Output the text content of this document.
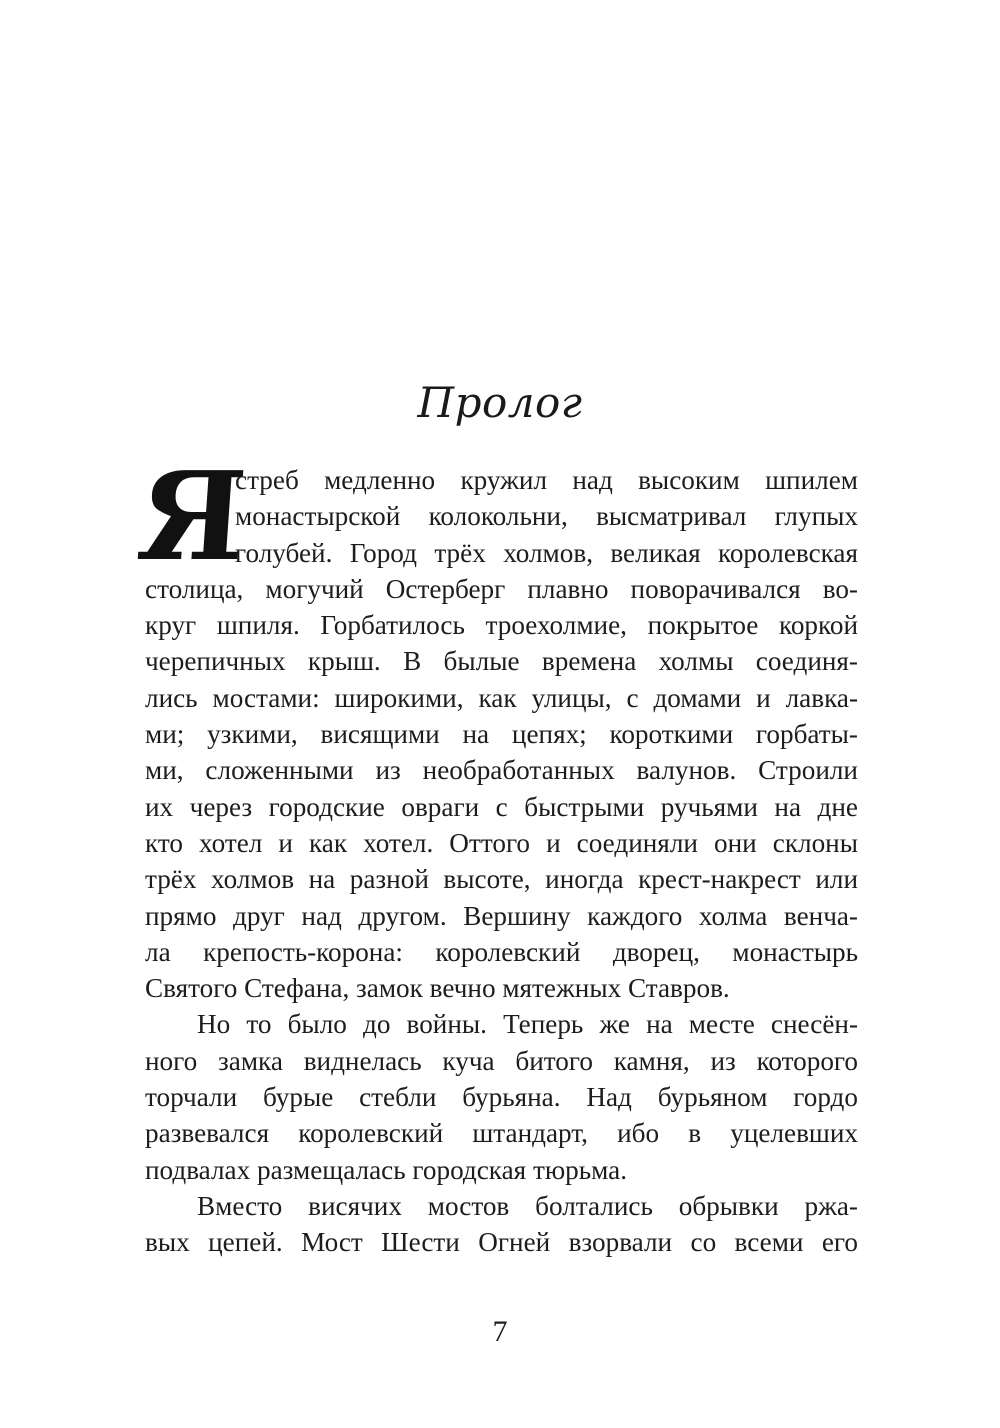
Пролог
Я
стреб медленно кружил над высоким шпилем
монастырской колокольни, высматривал глупых
голубей. Город трёх холмов, великая королевская
столица, могучий Остерберг плавно поворачивался во-
круг шпиля. Горбатилось троехолмие, покрытое коркой
черепичных крыш. В былые времена холмы соединя-
лись мостами: широкими, как улицы, с домами и лавка-
ми; узкими, висящими на цепях; короткими горбаты-
ми, сложенными из необработанных валунов. Строили
их через городские овраги с быстрыми ручьями на дне
кто хотел и как хотел. Оттого и соединяли они склоны
трёх холмов на разной высоте, иногда крест-накрест или
прямо друг над другом. Вершину каждого холма венча-
ла крепость-корона: королевский дворец, монастырь
Святого Стефана, замок вечно мятежных Ставров.
Но то было до войны. Теперь же на месте снесён-
ного замка виднелась куча битого камня, из которого
торчали бурые стебли бурьяна. Над бурьяном гордо
развевался королевский штандарт, ибо в уцелевших
подвалах размещалась городская тюрьма.
Вместо висячих мостов болтались обрывки ржа-
вых цепей. Мост Шести Огней взорвали со всеми его
7
